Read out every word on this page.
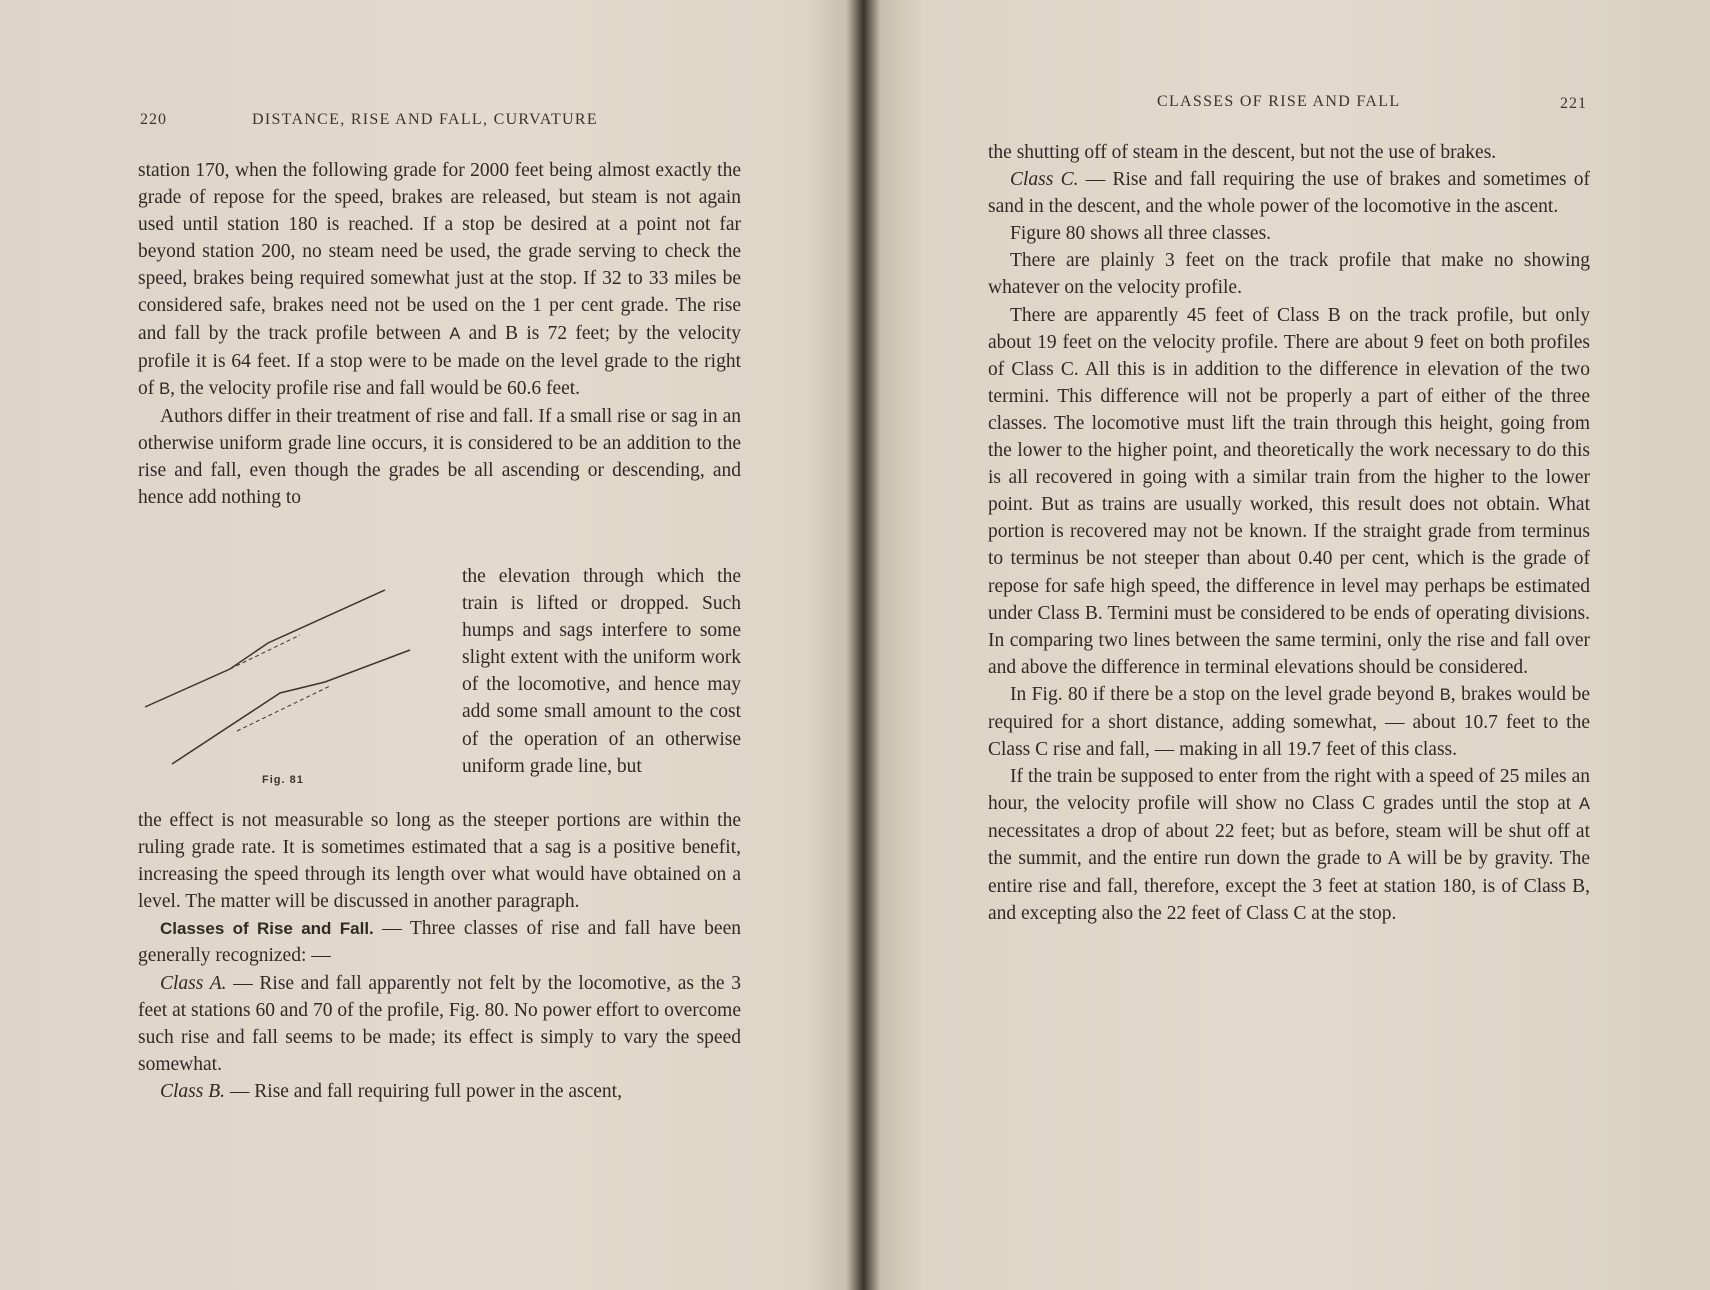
220	DISTANCE, RISE AND FALL, CURVATURE

station 170, when the following grade for 2000 feet being almost exactly the grade of repose for the speed, brakes are released, but steam is not again used until station 180 is reached. If a stop be desired at a point not far beyond station 200, no steam need be used, the grade serving to check the speed, brakes being required somewhat just at the stop. If 32 to 33 miles be considered safe, brakes need not be used on the 1 per cent grade. The rise and fall by the track profile between A and B is 72 feet; by the velocity profile it is 64 feet. If a stop were to be made on the level grade to the right of B, the velocity profile rise and fall would be 60.6 feet.

Authors differ in their treatment of rise and fall. If a small rise or sag in an otherwise uniform grade line occurs, it is considered to be an addition to the rise and fall, even though the grades be all ascending or descending, and hence add nothing to

Fig. 81

the elevation through which the train is lifted or dropped. Such humps and sags interfere to some slight extent with the uniform work of the locomotive, and hence may add some small amount to the cost of the operation of an otherwise uniform grade line, but

the effect is not measurable so long as the steeper portions are within the ruling grade rate. It is sometimes estimated that a sag is a positive benefit, increasing the speed through its length over what would have obtained on a level. The matter will be discussed in another paragraph.

Classes of Rise and Fall. — Three classes of rise and fall have been generally recognized: —

Class A. — Rise and fall apparently not felt by the locomotive, as the 3 feet at stations 60 and 70 of the profile, Fig. 80. No power effort to overcome such rise and fall seems to be made; its effect is simply to vary the speed somewhat.

Class B. — Rise and fall requiring full power in the ascent,

CLASSES OF RISE AND FALL	221

the shutting off of steam in the descent, but not the use of brakes.

Class C. — Rise and fall requiring the use of brakes and sometimes of sand in the descent, and the whole power of the locomotive in the ascent.

Figure 80 shows all three classes.

There are plainly 3 feet on the track profile that make no showing whatever on the velocity profile.

There are apparently 45 feet of Class B on the track profile, but only about 19 feet on the velocity profile. There are about 9 feet on both profiles of Class C. All this is in addition to the difference in elevation of the two termini. This difference will not be properly a part of either of the three classes. The locomotive must lift the train through this height, going from the lower to the higher point, and theoretically the work necessary to do this is all recovered in going with a similar train from the higher to the lower point. But as trains are usually worked, this result does not obtain. What portion is recovered may not be known. If the straight grade from terminus to terminus be not steeper than about 0.40 per cent, which is the grade of repose for safe high speed, the difference in level may perhaps be estimated under Class B. Termini must be considered to be ends of operating divisions. In comparing two lines between the same termini, only the rise and fall over and above the difference in terminal elevations should be considered.

In Fig. 80 if there be a stop on the level grade beyond B, brakes would be required for a short distance, adding somewhat, — about 10.7 feet to the Class C rise and fall, — making in all 19.7 feet of this class.

If the train be supposed to enter from the right with a speed of 25 miles an hour, the velocity profile will show no Class C grades until the stop at A necessitates a drop of about 22 feet; but as before, steam will be shut off at the summit, and the entire run down the grade to A will be by gravity. The entire rise and fall, therefore, except the 3 feet at station 180, is of Class B, and excepting also the 22 feet of Class C at the stop.
